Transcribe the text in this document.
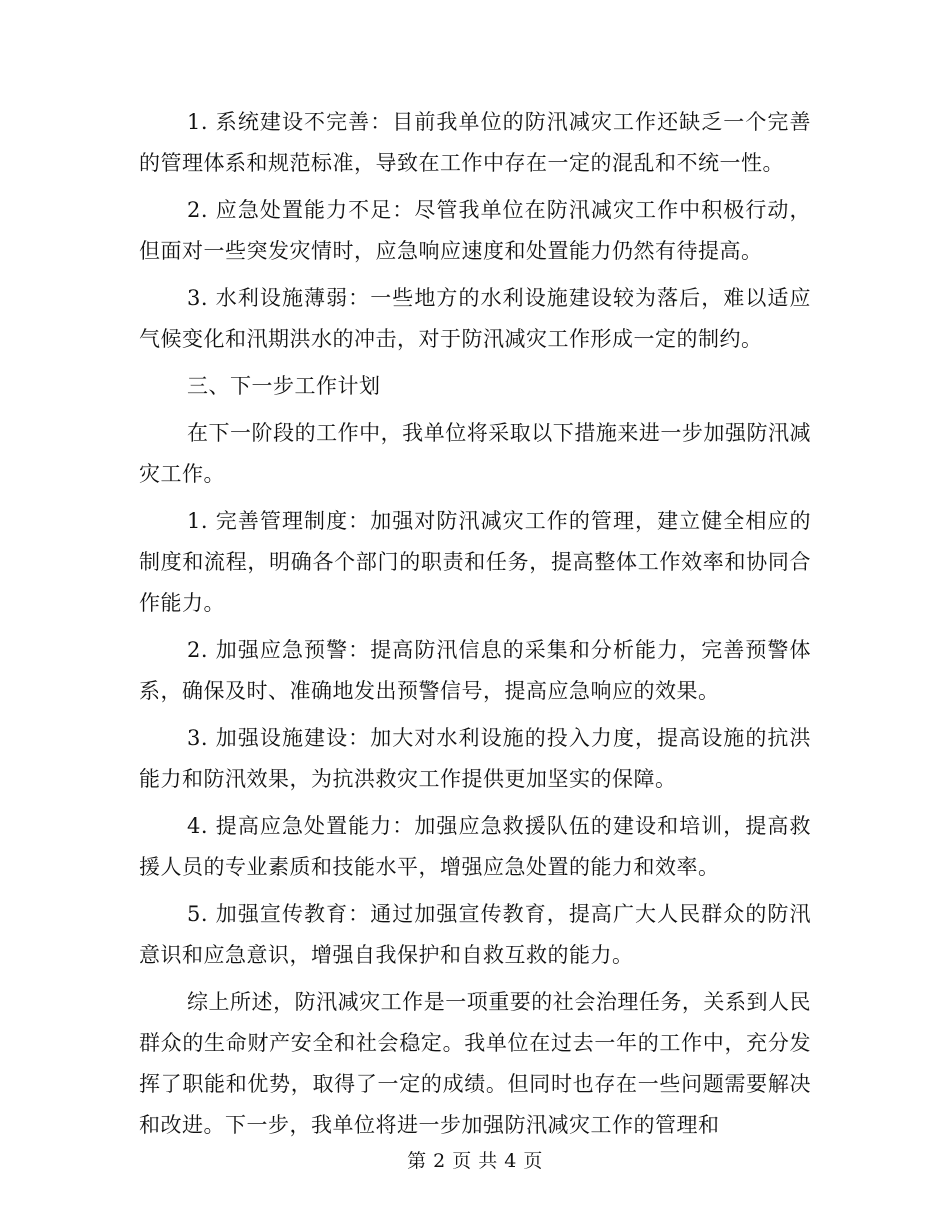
1. 系统建设不完善：目前我单位的防汛减灾工作还缺乏一个完善的管理体系和规范标准，导致在工作中存在一定的混乱和不统一性。

2. 应急处置能力不足：尽管我单位在防汛减灾工作中积极行动，但面对一些突发灾情时，应急响应速度和处置能力仍然有待提高。

3. 水利设施薄弱：一些地方的水利设施建设较为落后，难以适应气候变化和汛期洪水的冲击，对于防汛减灾工作形成一定的制约。

三、下一步工作计划

在下一阶段的工作中，我单位将采取以下措施来进一步加强防汛减灾工作。

1. 完善管理制度：加强对防汛减灾工作的管理，建立健全相应的制度和流程，明确各个部门的职责和任务，提高整体工作效率和协同合作能力。

2. 加强应急预警：提高防汛信息的采集和分析能力，完善预警体系，确保及时、准确地发出预警信号，提高应急响应的效果。

3. 加强设施建设：加大对水利设施的投入力度，提高设施的抗洪能力和防汛效果，为抗洪救灾工作提供更加坚实的保障。

4. 提高应急处置能力：加强应急救援队伍的建设和培训，提高救援人员的专业素质和技能水平，增强应急处置的能力和效率。

5. 加强宣传教育：通过加强宣传教育，提高广大人民群众的防汛意识和应急意识，增强自我保护和自救互救的能力。

综上所述，防汛减灾工作是一项重要的社会治理任务，关系到人民群众的生命财产安全和社会稳定。我单位在过去一年的工作中，充分发挥了职能和优势，取得了一定的成绩。但同时也存在一些问题需要解决和改进。下一步，我单位将进一步加强防汛减灾工作的管理和

第 2 页 共 4 页
